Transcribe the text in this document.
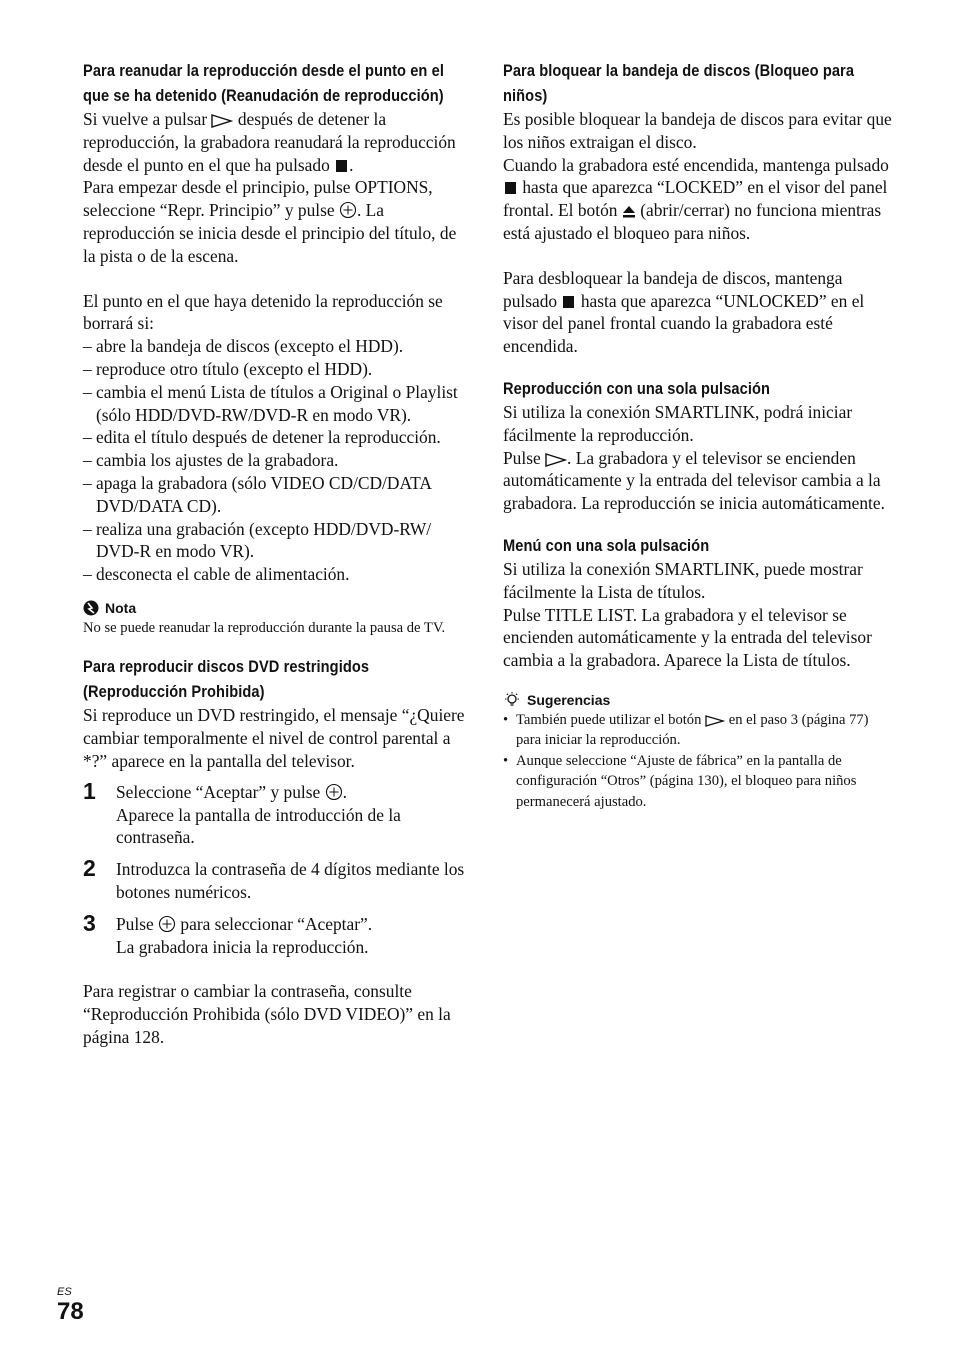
Para reanudar la reproducción desde el punto en el que se ha detenido (Reanudación de reproducción)

Si vuelve a pulsar después de detener la reproducción, la grabadora reanudará la reproducción desde el punto en el que ha pulsado .

Para empezar desde el principio, pulse OPTIONS, seleccione “Repr. Principio” y pulse . La reproducción se inicia desde el principio del título, de la pista o de la escena.

El punto en el que haya detenido la reproducción se borrará si:

– abre la bandeja de discos (excepto el HDD).
– reproduce otro título (excepto el HDD).
– cambia el menú Lista de títulos a Original o Playlist (sólo HDD/DVD-RW/DVD-R en modo VR).
– edita el título después de detener la reproducción.
– cambia los ajustes de la grabadora.
– apaga la grabadora (sólo VIDEO CD/CD/DATA DVD/DATA CD).
– realiza una grabación (excepto HDD/DVD-RW/ DVD-R en modo VR).
– desconecta el cable de alimentación.
Nota

No se puede reanudar la reproducción durante la pausa de TV.

Para reproducir discos DVD restringidos (Reproducción Prohibida)

Si reproduce un DVD restringido, el mensaje “¿Quiere cambiar temporalmente el nivel de control parental a *?” aparece en la pantalla del televisor.

1 Seleccione “Aceptar” y pulse .
Aparece la pantalla de introducción de la contraseña.
2 Introduzca la contraseña de 4 dígitos mediante los botones numéricos.
3 Pulse para seleccionar “Aceptar”.
La grabadora inicia la reproducción.

Para registrar o cambiar la contraseña, consulte “Reproducción Prohibida (sólo DVD VIDEO)” en la página 128.

Para bloquear la bandeja de discos (Bloqueo para niños)

Es posible bloquear la bandeja de discos para evitar que los niños extraigan el disco.

Cuando la grabadora esté encendida, mantenga pulsado  hasta que aparezca “LOCKED” en el visor del panel frontal. El botón (abrir/cerrar) no funciona mientras está ajustado el bloqueo para niños.

Para desbloquear la bandeja de discos, mantenga pulsado hasta que aparezca “UNLOCKED” en el visor del panel frontal cuando la grabadora esté encendida.

Reproducción con una sola pulsación

Si utiliza la conexión SMARTLINK, podrá iniciar fácilmente la reproducción.

Pulse . La grabadora y el televisor se encienden automáticamente y la entrada del televisor cambia a la grabadora. La reproducción se inicia automáticamente.

Menú con una sola pulsación

Si utiliza la conexión SMARTLINK, puede mostrar fácilmente la Lista de títulos.

Pulse TITLE LIST. La grabadora y el televisor se encienden automáticamente y la entrada del televisor cambia a la grabadora. Aparece la Lista de títulos.

Sugerencias
• También puede utilizar el botón en el paso 3 (página 77) para iniciar la reproducción.
• Aunque seleccione “Ajuste de fábrica” en la pantalla de configuración “Otros” (página 130), el bloqueo para niños permanecerá ajustado.
ES
78
